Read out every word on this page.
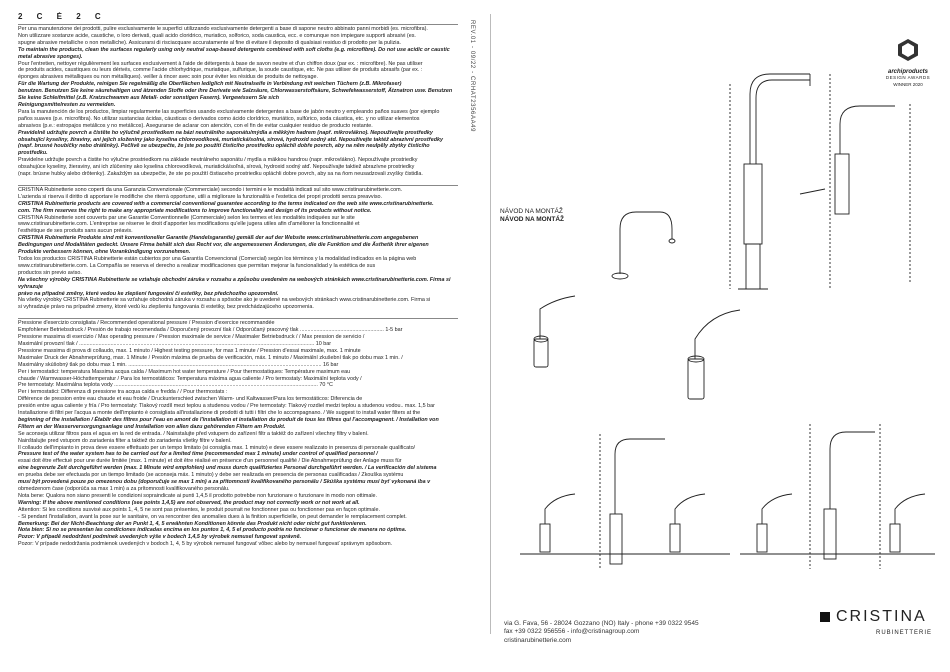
2 C È 2 C

Per una manutenzione dei prodotti, pulire esclusivamente le superfici utilizzando esclusivamente detergenti a base di sapone neutro abbinato panni morbidi (es. microfibra).

Non utilizzare sostanze acide, caustiche, o loro derivati, quali acido cloridrico, muriatico, solforico, soda caustica, ecc. e comunque non impiegare supporti abrasivi (es.

spugne abrasive metalliche o non metalliche). Assicurarsi di risciacquare accuratamente al fine di evitare il deposito di qualsiasi residuo di prodotto per la pulizia.

To maintain the products, clean the surfaces regularly using only neutral soap-based detergents combined with soft cloths (e.g. microfibre). Do not use acidic or caustic

metal abrasive sponges).

Pour l'entretien, nettoyer régulièrement les surfaces exclusivement à l'aide de détergents à base de savon neutre et d'un chiffon doux (par ex. : microfibre). Ne pas utiliser

de produits acides, caustiques ou leurs dérivés, comme l'acide chlorhydrique, muriatique, sulfurique, la soude caustique, etc. Ne pas utiliser de produits abrasifs (par ex. :

éponges abrasives métalliques ou non métalliques). veiller à rincer avec soin pour éviter les résidus de produits de nettoyage.

Für die Wartung der Produkte, reinigen Sie regelmäßig die Oberflächen lediglich mit Neutralseife in Verbindung mit weichen Tüchern (z.B. Mikrofaser)

benutzen. Benutzen Sie keine säurehaltigen und ätzenden Stoffe oder ihre Derivate wie Salzsäure, Chlorwasserstoffsäure, Schwefelwasserstoff, Ätznatron usw. Benutzen

Sie keine Schleifmittel (z.B. Kratzschwamm aus Metall- oder sonstigen Fasern). Vergewissern Sie sich

Reinigungsmittelresten zu vermeiden.

Para la manutención de los productos, limpiar regularmente las superficies usando exclusivamente detergentes a base de jabón neutro y empleando paños suaves (por ejemplo

paños suaves (p.e. microfibra). No utilizar sustancias ácidas, cáusticas o derivados como ácido clorídrico, muriático, sulfúrico, soda cáustica, etc. y no utilizar elementos

abrasivos (p.e.: estropajos metálicos y no metálicos). Asegurarse de aclarar con atención, con el fin de evitar cualquier residuo de producto restante.

Pravidelně udržujte povrch a čistěte ho výlučně prostředkem na bázi neutrálního saponátu/mýdla a měkkým hadrem (např. mikrovlákno). Nepoužívejte prostředky

obsahující kyseliny, žíraviny, ani jejich složeniny jako kyselina chlorovodíková, muriatická/solná, sírová, hydroxid sodný atd. Nepoužívejte taktéž abrazivní prostředky

(např. brusné houbičky nebo drátěnky). Pečlivě se ubezpečte, že jste po použití čisticího prostředku opláchli dobře povrch, aby na něm neulpěly zbytky čisticího prostředku.

Pravidelne udržujte povrch a čistite ho výlučne prostriedkom na základe neutrálneho saponátu / mydla a mäkkou handrou (napr. mikrovlákno). Nepoužívajte prostriedky

obsahujúce kyseliny, žieraviny, ani ich zlúčeniny ako kyselina chlorovodíková, muriatická/soľná, sírová, hydroxid sodný atď. Nepoužívajte taktiež abrazívne prostriedky

(napr. brúsne hubky alebo drôtenky). Zakaždým sa ubezpečte, že ste po použití čistiaceho prostriedku opláchli dobre povrch, aby sa na ňom neusadzovali zvyšky čistidla.

CRISTINA Rubinetterie sono coperti da una Garanzia Convenzionale (Commerciale) secondo i termini e le modalità indicati sul sito www.cristinarubinetterie.com.

L'azienda si riserva il diritto di apportare le modifiche che riterrà opportune, utili a migliorare la funzionalità e l'estetica dei propri prodotti senza preavviso.

CRISTINA Rubinetterie products are covered with a commercial conventional guarantee according to the terms indicated on the web site www.cristinarubinetterie.

com. The firm reserves the right to make any appropriate modifications to improve functionality and design of its products without notice.

CRISTINA Rubinetterie sont couverts par une Garantie Conventionnelle (Commerciale) selon les termes et les modalités indiquées sur le site

www.cristinarubinetterie.com. L'entreprise se réserve le droit d'apporter les modifications qu'elle jugera utiles afin d'améliorer la fonctionnalité et

l'esthétique de ses produits sans aucun préavis.

CRISTINA Rubinetterie Produkte sind mit konventioneller Garantie (Handelsgarantie) gemäß der auf der Website www.cristinarubinetterie.com angegebenen

Bedingungen und Modalitäten gedeckt. Unsere Firma behält sich das Recht vor, die angemessenen Änderungen, die die Funktion und die Ästhetik ihrer eigenen

Produkte verbessern können, ohne Vorankündigung vorzunehmen.

Todos los productos CRISTINA Rubinetterie están cubiertos por una Garantía Convencional (Comercial) según los términos y la modalidad indicados en la página web

www.cristinarubinetterie.com. La Compañía se reserva el derecho a realizar modificaciones que permitan mejorar la funcionalidad y la estética de sus

productos sin previo aviso.

Na všechny výrobky CRISTINA Rubinetterie se vztahuje obchodní záruka v rozsahu a způsobu uvedeném na webových stránkách www.cristinarubinetterie.com. Firma si vyhrazuje

právo na případné změny, které vedou ke zlepšení fungování či estetiky, bez předchozího upozornění.

Na všetky výrobky CRISTINA Rubinetterie sa vzťahuje obchodná záruka v rozsahu a spôsobe ako je uvedené na webových stránkach www.cristinarubinetterie.com. Firma si

si vyhradzuje právo na prípadné zmeny, ktoré vedú ku zlepšeniu fungovania či estetiky, bez predchádzajúceho upozornenia.

Pressione d'esercizio consigliata / Recommended operational pressure / Pression d'exercice recommandée

Empfohlener Betriebsdruck / Presión de trabajo recomendada / Doporučený provozní tlak / Odporúčaný pracovný tlak ........................................................ 1-5 bar

Pressione massima di esercizio / Max operating pressure / Pression maximale de service / Maximaler Betriebsdruck / / Max pression de servicio /

Maximální provozní tlak / ............................................................................................................................................................. 10 bar

Pressione massima di prova di collaudo, max. 1 minuto / Highest testing pressure, for max 1 minute / Pression d'essai maximale, max. 1 minute

Maximaler Druck der Abnahmeprüfung, max. 1 Minute / Presión máxima de prueba de verificación, máx. 1 minuto / Maximální zkušební tlak po dobu max 1 min. /

Maximálny skúšobný tlak po dobu max 1 min. ................................................................................................................................. 16 bar

Per i termostatici: temperatura Massima acqua calda / Maximum hot water temperature / Pour thermostatiques: Température maximum eau

chaude / Warmwasser-Höchsttemperatur / Para los termostáticos: Temperatura máxima agua caliente / Pro termostaty: Maximální teplota vody /

Pre termostaty: Maximálna teplota vody ........................................................................................................................................ 70 °C

Per i termostatici: Differenza di pressione tra acqua calda e fredda / / Pour thermostats :

Différence de pression entre eau chaude et eau froide / Druckunterschied zwischen Warm- und Kaltwasser/Para los termostáticos: Diferencia de

presión entre agua caliente y fría / Pro termostaty: Tlakový rozdíl mezi teplou a studenou vodou / Pre termostaty: Tlakový rozdiel medzi teplou a studenou vodou.. max. 1,5 bar

Installazione di filtri per l'acqua a monte dell'impianto è consigliata all'installazione di prodotti di tutti i filtri che lo accompagnano. / We suggest to install water filters at the

beginning of the installation / Établir des filtres pour l'eau en amont de l'installation et installation du produit de tous les filtres qui l'accompagnent. / Installation von

Filtern an der Wasserversorgungsanlage und Installation von allen dazu gehörenden Filtern am Produkt.

Se aconseja utilizar filtros para el agua en la red de entrada. / Nainstalujte před vstupem do zařízení filtr a taktéž do zařízení všechny filtry v balení.

Nainštalujte pred vstupom do zariadenia filter a taktiež do zariadenia všetky filtre v balení.

Il collaudo dell'impianto in prova deve essere effettuato per un tempo limitato (si consiglia max. 1 minuto) e deve essere realizzato in presenza di personale qualificato/

Pressure test of the water system has to be carried out for a limited time (recommended max 1 minute) under control of qualified personnel /

essai doit être effectué pour une durée limitée (max. 1 minute) et doit être réalisé en présence d'un personnel qualifié / Die Abnahmeprüfung der Anlage muss für

eine begrenzte Zeit durchgeführt werden (max. 1 Minute wird empfohlen) und muss durch qualifiziertes Personal durchgeführt werden. / La verificación del sistema

en prueba debe ser efectuada por un tiempo limitado (se aconseja máx. 1 minuto) y debe ser realizada en presencia de personas cualificadas / Zkouška systému

musí být provedená pouze po omezenou dobu (doporučuje se max 1 min) a za přítomnosti kvalifikovaného personálu / Skúška systému musí byť vykonaná iba v

obmedzenom čase (odporúča sa max 1 min) a za prítomnosti kvalifikovaného personálu.

Nota bene: Qualora non siano presenti le condizioni sopraindicate ai punti 1,4,5 il prodotto potrebbe non funzionare o funzionare in modo non ottimale.

Warning: If the above mentioned conditions (see points 1,4,5) are not observed, the product may not correctly work or not work at all.

Attention: Si les conditions susvisé aux points 1, 4, 5 ne sont pas présentes, le produit pourrait ne fonctionner pas ou fonctionner pas en façon optimale.

- Si pendant l'installation, avant la pose sur le sanitaire, on va rencontrer des anomalies dues à la finition superficielle, on peut demander le remplacement complet.

Bemerkung: Bei der Nicht-Beachtung der an Punkt 1, 4, 5 erwähnten Konditionen könnte das Produkt nicht oder nicht gut funktionieren.

Nota bien: Si no se presentan las condiciones indicadas encima en los puntos 1, 4, 5 el producto podría no funcionar o funcionar de manera no óptima.

Pozor: V případě nedodržení podmínek uvedených výše v bodech 1,4,5 by výrobek nemusel fungovat správně.

Pozor: V prípade nedodržania podmienok uvedených v bodoch 1, 4, 5 by výrobok nemusel fungovať vôbec alebo by nemusel fungovať správnym spôsobom.

REV.01 - 09/22 - CRHAT2356AA49	archiproducts
DESIGN AWARDS
WINNER 2020
NÁVOD NA MONTÁŽ
NÁVOD NA MONTÁŽ
via G. Fava, 56 - 28024 Gozzano (NO) Italy - phone +39 0322 9545
fax +39 0322 956556 - info@cristinagroup.com
cristinarubinetterie.com
CRISTINA
RUBINETTERIE
